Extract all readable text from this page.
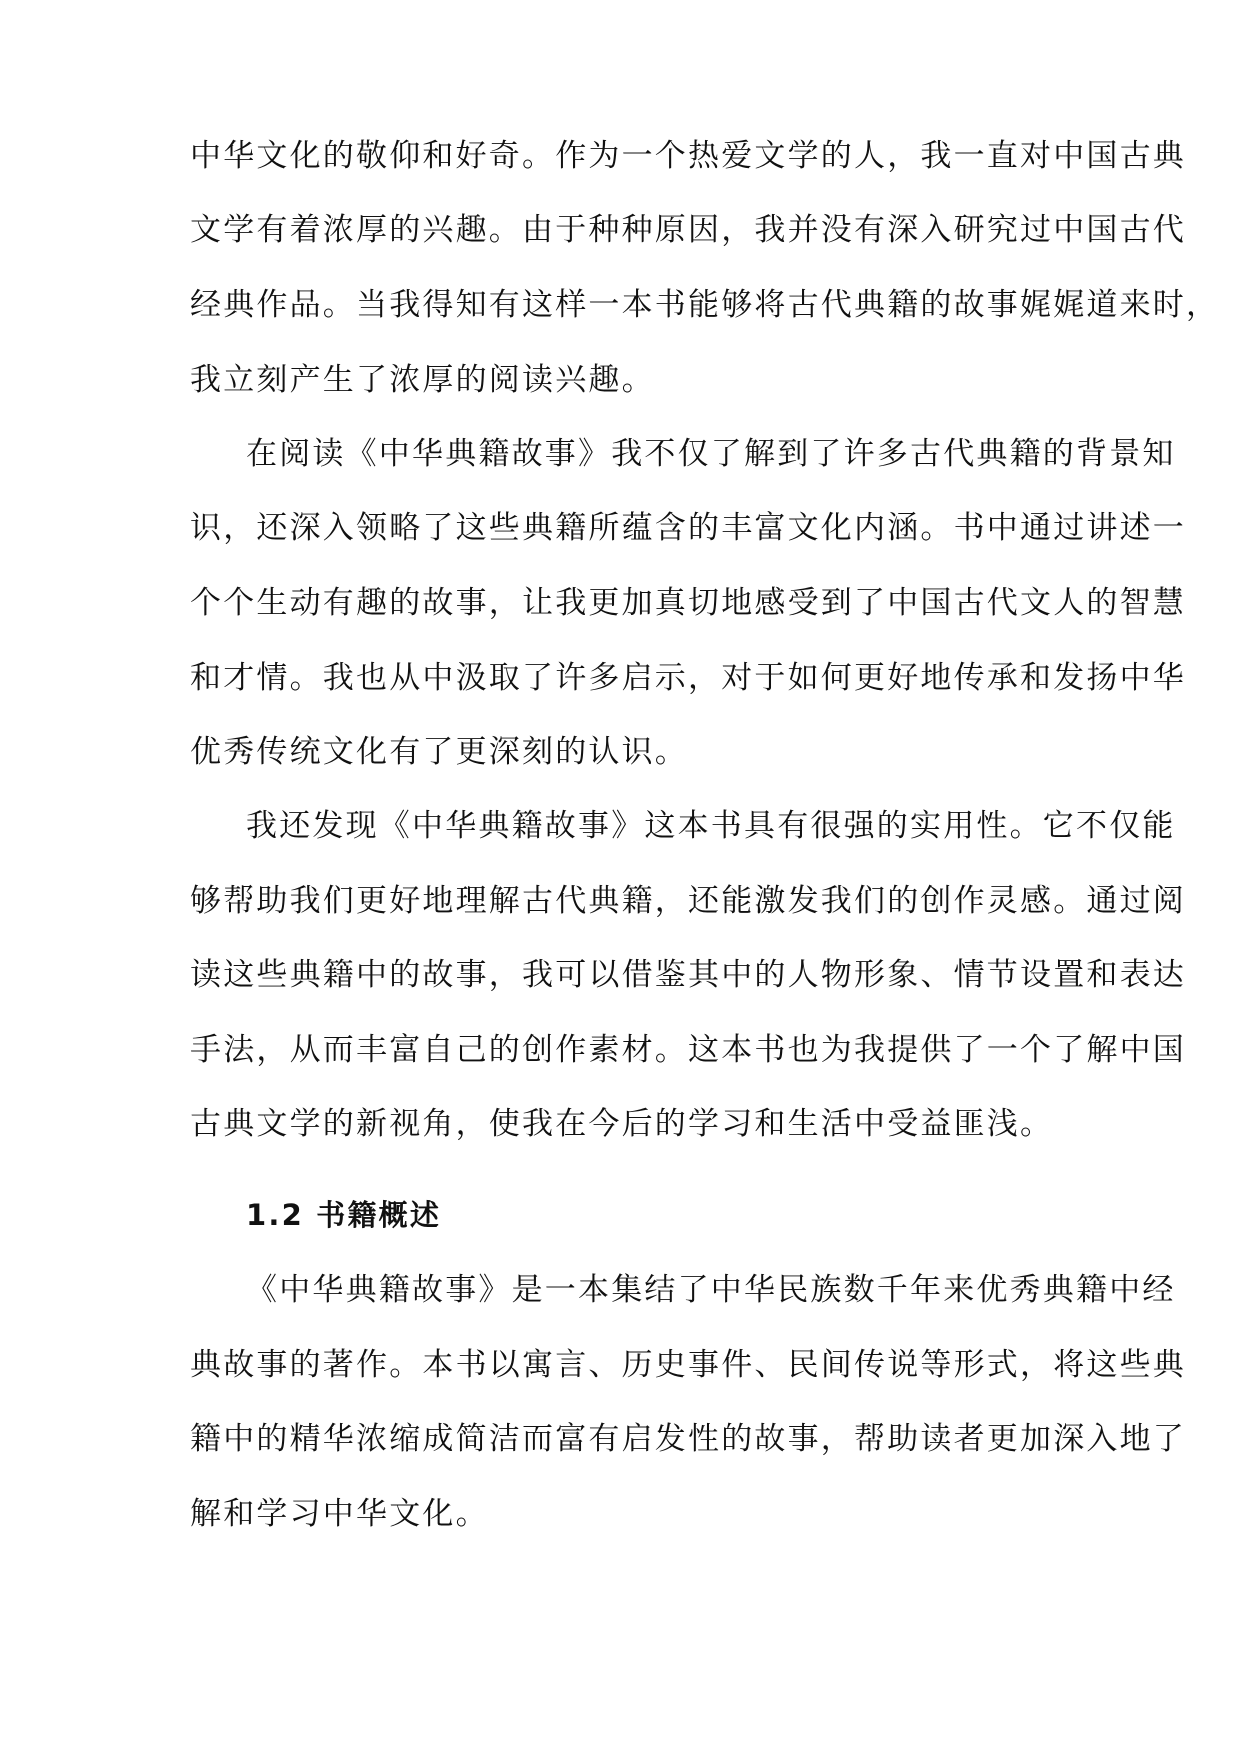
中华文化的敬仰和好奇。作为一个热爱文学的人，我一直对中国古典
文学有着浓厚的兴趣。由于种种原因，我并没有深入研究过中国古代
经典作品。当我得知有这样一本书能够将古代典籍的故事娓娓道来时，
我立刻产生了浓厚的阅读兴趣。
在阅读《中华典籍故事》我不仅了解到了许多古代典籍的背景知
识，还深入领略了这些典籍所蕴含的丰富文化内涵。书中通过讲述一
个个生动有趣的故事，让我更加真切地感受到了中国古代文人的智慧
和才情。我也从中汲取了许多启示，对于如何更好地传承和发扬中华
优秀传统文化有了更深刻的认识。
我还发现《中华典籍故事》这本书具有很强的实用性。它不仅能
够帮助我们更好地理解古代典籍，还能激发我们的创作灵感。通过阅
读这些典籍中的故事，我可以借鉴其中的人物形象、情节设置和表达
手法，从而丰富自己的创作素材。这本书也为我提供了一个了解中国
古典文学的新视角，使我在今后的学习和生活中受益匪浅。
1.2 书籍概述
《中华典籍故事》是一本集结了中华民族数千年来优秀典籍中经
典故事的著作。本书以寓言、历史事件、民间传说等形式，将这些典
籍中的精华浓缩成简洁而富有启发性的故事，帮助读者更加深入地了
解和学习中华文化。
